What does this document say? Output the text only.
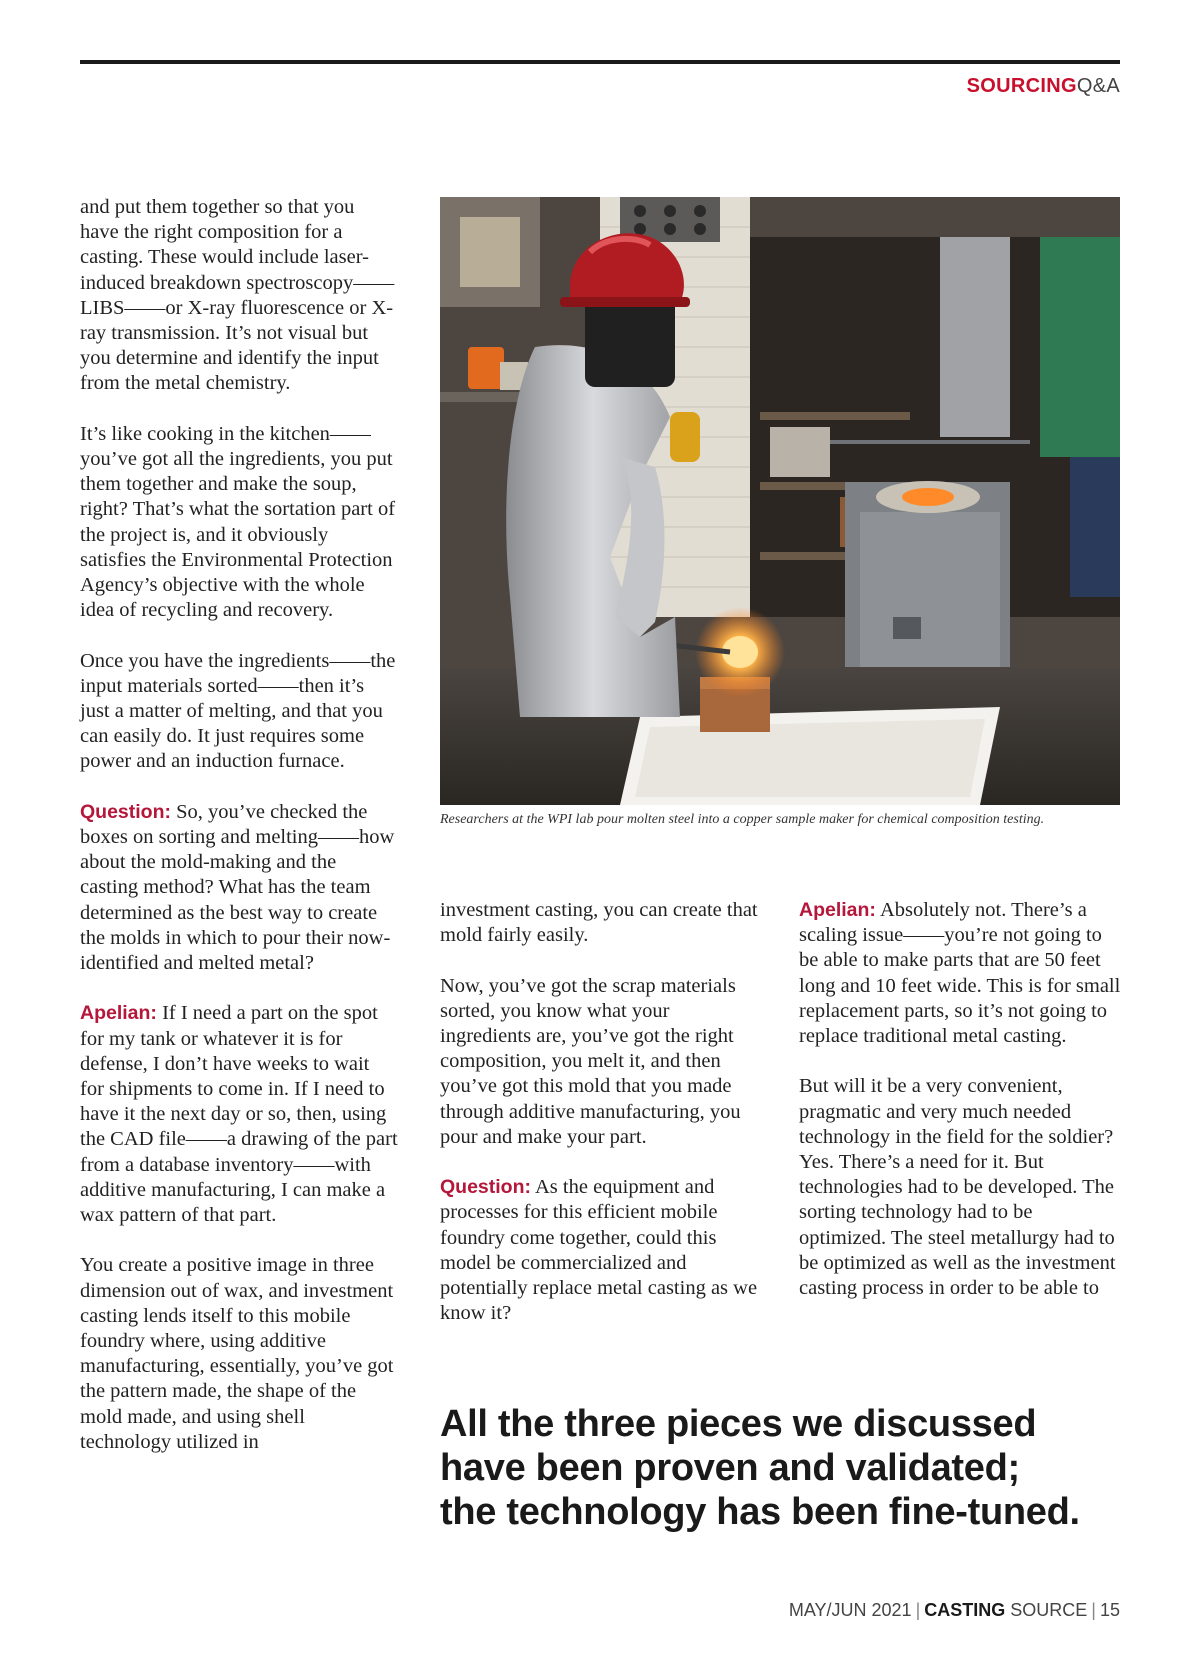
SOURCINGQ&A

and put them together so that you have the right composition for a casting. These would include laser-induced breakdown spectroscopy——LIBS——or X-ray fluorescence or X-ray transmission. It’s not visual but you determine and identify the input from the metal chemistry.

It’s like cooking in the kitchen——you’ve got all the ingredients, you put them together and make the soup, right? That’s what the sortation part of the project is, and it obviously satisfies the Environmental Protection Agency’s objective with the whole idea of recycling and recovery.

Once you have the ingredients——the input materials sorted——then it’s just a matter of melting, and that you can easily do. It just requires some power and an induction furnace.

Question: So, you’ve checked the boxes on sorting and melting——how about the mold-making and the casting method? What has the team determined as the best way to create the molds in which to pour their now-identified and melted metal?

Apelian: If I need a part on the spot for my tank or whatever it is for defense, I don’t have weeks to wait for shipments to come in. If I need to have it the next day or so, then, using the CAD file——a drawing of the part from a database inventory——with additive manufacturing, I can make a wax pattern of that part.

You create a positive image in three dimension out of wax, and investment casting lends itself to this mobile foundry where, using additive manufacturing, essentially, you’ve got the pattern made, the shape of the mold made, and using shell technology utilized in

Researchers at the WPI lab pour molten steel into a copper sample maker for chemical composition testing.

investment casting, you can create that mold fairly easily.

Now, you’ve got the scrap materials sorted, you know what your ingredients are, you’ve got the right composition, you melt it, and then you’ve got this mold that you made through additive manufacturing, you pour and make your part.

Question: As the equipment and processes for this efficient mobile foundry come together, could this model be commercialized and potentially replace metal casting as we know it?

Apelian: Absolutely not. There’s a scaling issue——you’re not going to be able to make parts that are 50 feet long and 10 feet wide. This is for small replacement parts, so it’s not going to replace traditional metal casting.

But will it be a very convenient, pragmatic and very much needed technology in the field for the soldier? Yes. There’s a need for it. But technologies had to be developed. The sorting technology had to be optimized. The steel metallurgy had to be optimized as well as the investment casting process in order to be able to

All the three pieces we discussed have been proven and validated; the technology has been fine-tuned.
MAY/JUN 2021 | CASTING SOURCE | 15
